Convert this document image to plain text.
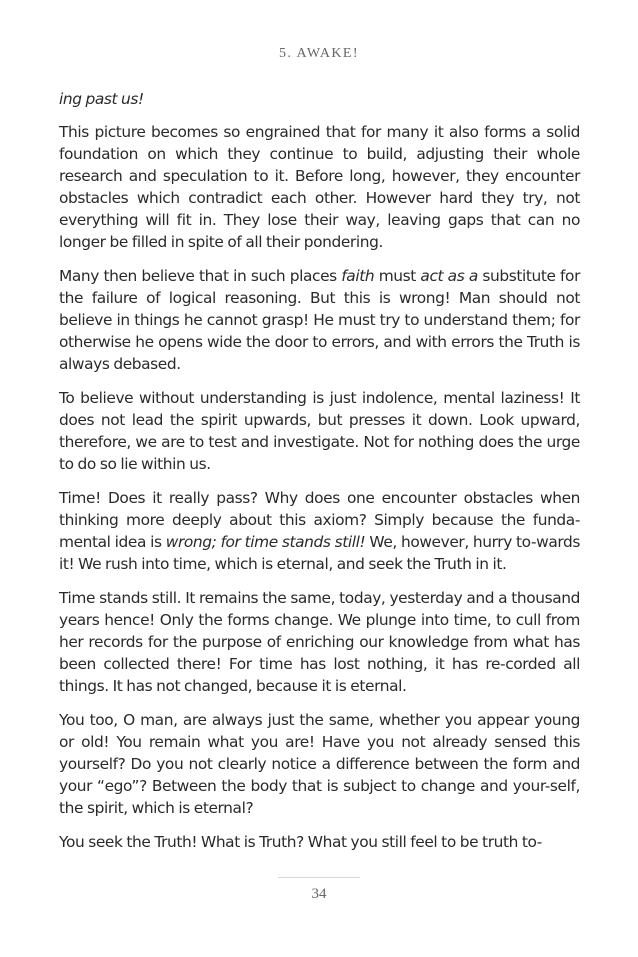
5. AWAKE!

ing past us!

This picture becomes so engrained that for many it also forms a solid foundation on which they continue to build, adjusting their whole research and speculation to it. Before long, however, they encounter obstacles which contradict each other. However hard they try, not everything will fit in. They lose their way, leaving gaps that can no longer be filled in spite of all their pondering.

Many then believe that in such places faith must act as a substitute for the failure of logical reasoning. But this is wrong! Man should not believe in things he cannot grasp! He must try to understand them; for otherwise he opens wide the door to errors, and with errors the Truth is always debased.

To believe without understanding is just indolence, mental laziness! It does not lead the spirit upwards, but presses it down. Look upward, therefore, we are to test and investigate. Not for nothing does the urge to do so lie within us.

Time! Does it really pass? Why does one encounter obstacles when thinking more deeply about this axiom? Simply because the funda-mental idea is wrong; for time stands still! We, however, hurry to-wards it! We rush into time, which is eternal, and seek the Truth in it.

Time stands still. It remains the same, today, yesterday and a thousand years hence! Only the forms change. We plunge into time, to cull from her records for the purpose of enriching our knowledge from what has been collected there! For time has lost nothing, it has re-corded all things. It has not changed, because it is eternal.

You too, O man, are always just the same, whether you appear young or old! You remain what you are! Have you not already sensed this yourself? Do you not clearly notice a difference between the form and your “ego”? Between the body that is subject to change and your-self, the spirit, which is eternal?

You seek the Truth! What is Truth? What you still feel to be truth to-

34
